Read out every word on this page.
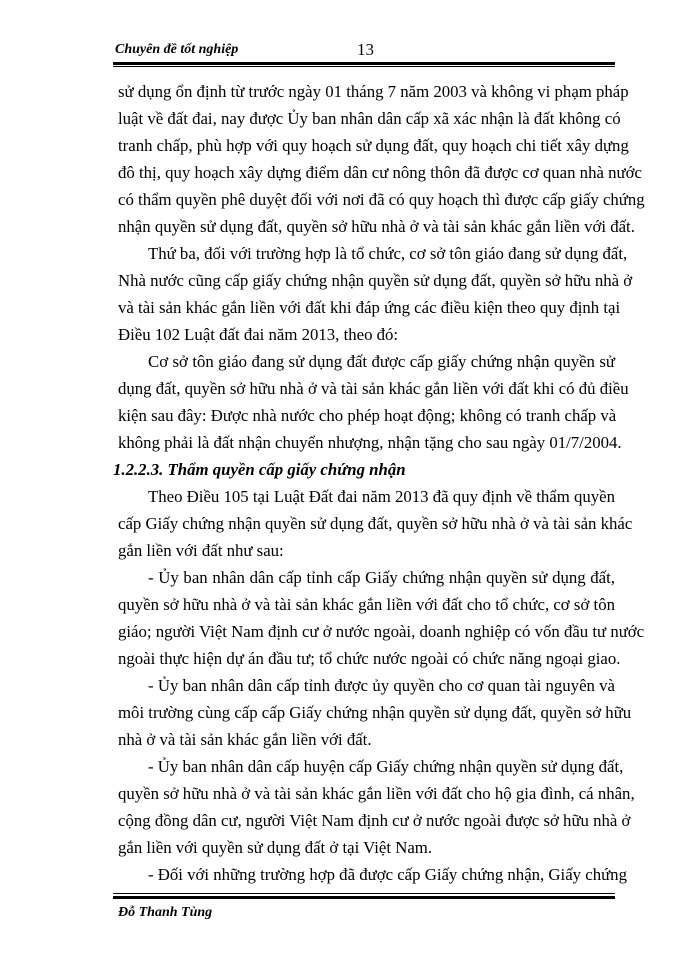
Chuyên đề tốt nghiệp	13
sử dụng ổn định từ trước ngày 01 tháng 7 năm 2003 và không vi phạm pháp
luật về đất đai, nay được Ủy ban nhân dân cấp xã xác nhận là đất không có
tranh chấp, phù hợp với quy hoạch sử dụng đất, quy hoạch chi tiết xây dựng
đô thị, quy hoạch xây dựng điểm dân cư nông thôn đã được cơ quan nhà nước
có thẩm quyền phê duyệt đối với nơi đã có quy hoạch thì được cấp giấy chứng
nhận quyền sử dụng đất, quyền sở hữu nhà ở và tài sản khác gắn liền với đất.
Thứ ba, đối với trường hợp là tổ chức, cơ sở tôn giáo đang sử dụng đất,
Nhà nước cũng cấp giấy chứng nhận quyền sử dụng đất, quyền sở hữu nhà ở
và tài sản khác gắn liền với đất khi đáp ứng các điều kiện theo quy định tại
Điều 102 Luật đất đai năm 2013, theo đó:
Cơ sở tôn giáo đang sử dụng đất được cấp giấy chứng nhận quyền sử
dụng đất, quyền sở hữu nhà ở và tài sản khác gắn liền với đất khi có đủ điều
kiện sau đây: Được nhà nước cho phép hoạt động; không có tranh chấp và
không phải là đất nhận chuyển nhượng, nhận tặng cho sau ngày 01/7/2004.
1.2.2.3. Thẩm quyền cấp giấy chứng nhận
Theo Điều 105 tại Luật Đất đai năm 2013 đã quy định về thẩm quyền
cấp Giấy chứng nhận quyền sử dụng đất, quyền sở hữu nhà ở và tài sản khác
gắn liền với đất như sau:
- Ủy ban nhân dân cấp tỉnh cấp Giấy chứng nhận quyền sử dụng đất,
quyền sở hữu nhà ở và tài sản khác gắn liền với đất cho tổ chức, cơ sở tôn
giáo; người Việt Nam định cư ở nước ngoài, doanh nghiệp có vốn đầu tư nước
ngoài thực hiện dự án đầu tư; tổ chức nước ngoài có chức năng ngoại giao.
- Ủy ban nhân dân cấp tỉnh được ủy quyền cho cơ quan tài nguyên và
môi trường cùng cấp cấp Giấy chứng nhận quyền sử dụng đất, quyền sở hữu
nhà ở và tài sản khác gắn liền với đất.
- Ủy ban nhân dân cấp huyện cấp Giấy chứng nhận quyền sử dụng đất,
quyền sở hữu nhà ở và tài sản khác gắn liền với đất cho hộ gia đình, cá nhân,
cộng đồng dân cư, người Việt Nam định cư ở nước ngoài được sở hữu nhà ở
gắn liền với quyền sử dụng đất ở tại Việt Nam.
- Đối với những trường hợp đã được cấp Giấy chứng nhận, Giấy chứng
Đỗ Thanh Tùng
